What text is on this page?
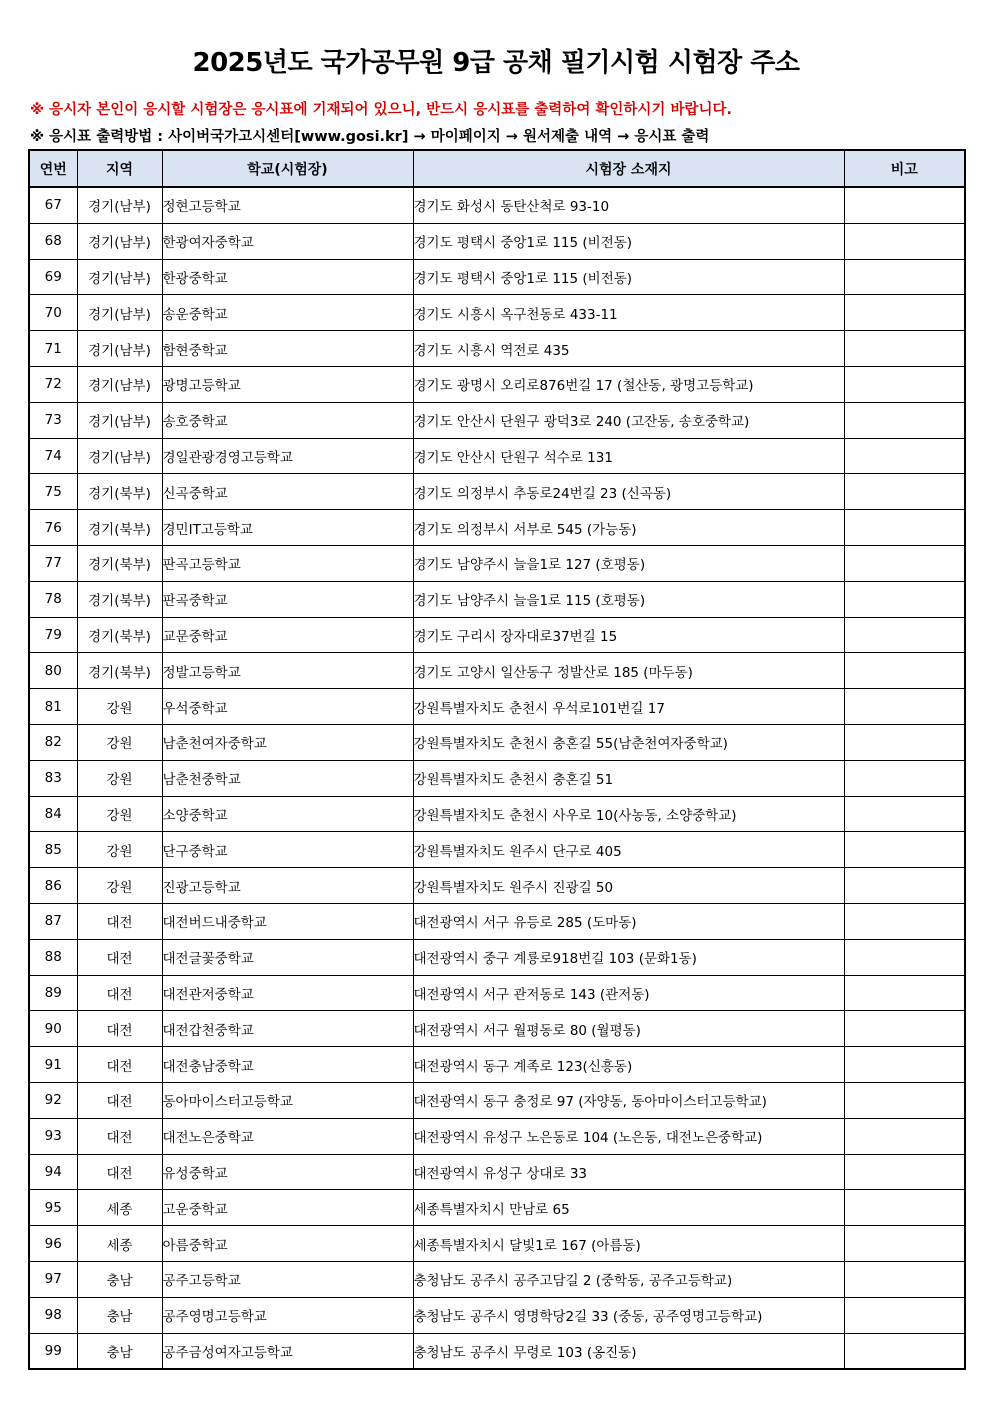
2025년도 국가공무원 9급 공채 필기시험 시험장 주소
※ 응시자 본인이 응시할 시험장은 응시표에 기재되어 있으니, 반드시 응시표를 출력하여 확인하시기 바랍니다.
※ 응시표 출력방법 : 사이버국가고시센터[www.gosi.kr] → 마이페이지 → 원서제출 내역 → 응시표 출력
연번	지역	학교(시험장)	시험장 소재지	비고
67	경기(남부)	정현고등학교	경기도 화성시 동탄산척로 93-10	
68	경기(남부)	한광여자중학교	경기도 평택시 중앙1로 115 (비전동)	
69	경기(남부)	한광중학교	경기도 평택시 중앙1로 115 (비전동)	
70	경기(남부)	송운중학교	경기도 시흥시 옥구천동로 433-11	
71	경기(남부)	함현중학교	경기도 시흥시 역전로 435	
72	경기(남부)	광명고등학교	경기도 광명시 오리로876번길 17 (철산동, 광명고등학교)	
73	경기(남부)	송호중학교	경기도 안산시 단원구 광덕3로 240 (고잔동, 송호중학교)	
74	경기(남부)	경일관광경영고등학교	경기도 안산시 단원구 석수로 131	
75	경기(북부)	신곡중학교	경기도 의정부시 추동로24번길 23 (신곡동)	
76	경기(북부)	경민IT고등학교	경기도 의정부시 서부로 545 (가능동)	
77	경기(북부)	판곡고등학교	경기도 남양주시 늘을1로 127 (호평동)	
78	경기(북부)	판곡중학교	경기도 남양주시 늘을1로 115 (호평동)	
79	경기(북부)	교문중학교	경기도 구리시 장자대로37번길 15	
80	경기(북부)	정발고등학교	경기도 고양시 일산동구 정발산로 185 (마두동)	
81	강원	우석중학교	강원특별자치도 춘천시 우석로101번길 17	
82	강원	남춘천여자중학교	강원특별자치도 춘천시 충혼길 55(남춘천여자중학교)	
83	강원	남춘천중학교	강원특별자치도 춘천시 충혼길 51	
84	강원	소양중학교	강원특별자치도 춘천시 사우로 10(사농동, 소양중학교)	
85	강원	단구중학교	강원특별자치도 원주시 단구로 405	
86	강원	진광고등학교	강원특별자치도 원주시 진광길 50	
87	대전	대전버드내중학교	대전광역시 서구 유등로 285 (도마동)	
88	대전	대전글꽃중학교	대전광역시 중구 계룡로918번길 103 (문화1동)	
89	대전	대전관저중학교	대전광역시 서구 관저동로 143 (관저동)	
90	대전	대전갑천중학교	대전광역시 서구 월평동로 80 (월평동)	
91	대전	대전충남중학교	대전광역시 동구 계족로 123(신흥동)	
92	대전	동아마이스터고등학교	대전광역시 동구 충정로 97 (자양동, 동아마이스터고등학교)	
93	대전	대전노은중학교	대전광역시 유성구 노은동로 104 (노은동, 대전노은중학교)	
94	대전	유성중학교	대전광역시 유성구 상대로 33	
95	세종	고운중학교	세종특별자치시 만남로 65	
96	세종	아름중학교	세종특별자치시 달빛1로 167 (아름동)	
97	충남	공주고등학교	충청남도 공주시 공주고담길 2 (중학동, 공주고등학교)	
98	충남	공주영명고등학교	충청남도 공주시 영명학당2길 33 (중동, 공주영명고등학교)	
99	충남	공주금성여자고등학교	충청남도 공주시 무령로 103 (옹진동)	
